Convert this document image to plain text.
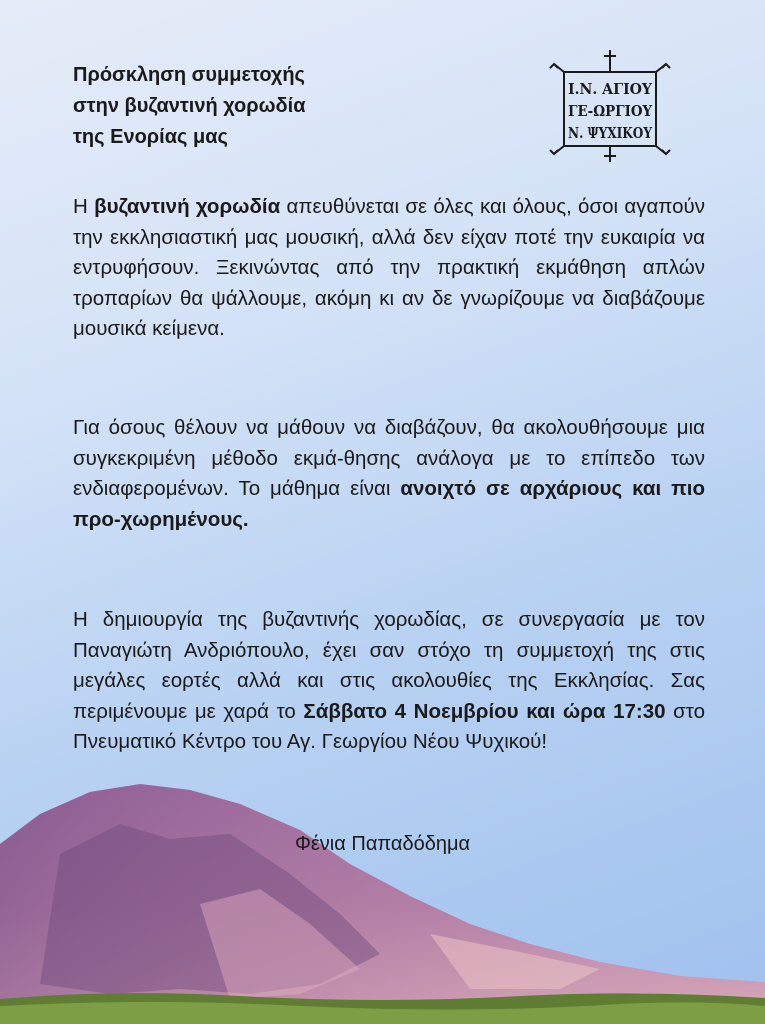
Πρόσκληση συμμετοχής
στην βυζαντινή χορωδία
της Ενορίας μας
Ι.Ν. ΑΓΙΟΥ
ΓΕ-ΩΡΓΙΟΥ
Ν. ΨΥΧΙΚΟΥ
Η βυζαντινή χορωδία απευθύνεται σε όλες και όλους, όσοι αγαπούν την εκκλησιαστική μας μουσική, αλλά δεν είχαν ποτέ την ευκαιρία να εντρυφήσουν. Ξεκινώντας από την πρακτική εκμάθηση απλών τροπαρίων θα ψάλλουμε, ακόμη κι αν δε γνωρίζουμε να διαβάζουμε μουσικά κείμενα.
Για όσους θέλουν να μάθουν να διαβάζουν, θα ακολουθήσουμε μια συγκεκριμένη μέθοδο εκμά-θησης ανάλογα με το επίπεδο των ενδιαφερομένων. Το μάθημα είναι ανοιχτό σε αρχάριους και πιο προ-χωρημένους.
Η δημιουργία της βυζαντινής χορωδίας, σε συνεργασία με τον Παναγιώτη Ανδριόπουλο, έχει σαν στόχο τη συμμετοχή της στις μεγάλες εορτές αλλά και στις ακολουθίες της Εκκλησίας. Σας περιμένουμε με χαρά το Σάββατο 4 Νοεμβρίου και ώρα 17:30 στο Πνευματικό Κέντρο του Αγ. Γεωργίου Νέου Ψυχικού!
Φένια Παπαδόδημα
